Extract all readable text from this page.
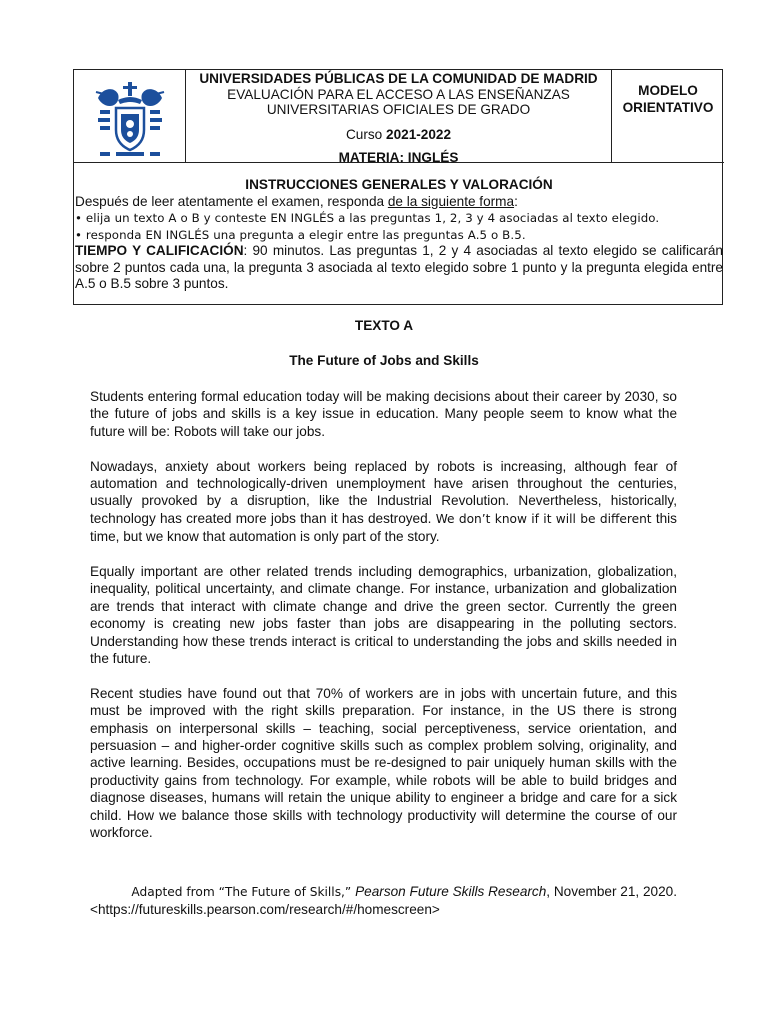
UNIVERSIDADES PÚBLICAS DE LA COMUNIDAD DE MADRID
EVALUACIÓN PARA EL ACCESO A LAS ENSEÑANZAS
UNIVERSITARIAS OFICIALES DE GRADO
Curso 2021-2022
MATERIA: INGLÉS
MODELO
ORIENTATIVO
INSTRUCCIONES GENERALES Y VALORACIÓN
Después de leer atentamente el examen, responda de la siguiente forma:
• elija un texto A o B y conteste EN INGLÉS a las preguntas 1, 2, 3 y 4 asociadas al texto elegido.
• responda EN INGLÉS una pregunta a elegir entre las preguntas A.5 o B.5.
TIEMPO Y CALIFICACIÓN: 90 minutos. Las preguntas 1, 2 y 4 asociadas al texto elegido se calificarán sobre 2 puntos cada una, la pregunta 3 asociada al texto elegido sobre 1 punto y la pregunta elegida entre A.5 o B.5 sobre 3 puntos.
TEXTO A
The Future of Jobs and Skills

Students entering formal education today will be making decisions about their career by 2030, so the future of jobs and skills is a key issue in education. Many people seem to know what the future will be: Robots will take our jobs.

Nowadays, anxiety about workers being replaced by robots is increasing, although fear of automation and technologically-driven unemployment have arisen throughout the centuries, usually provoked by a disruption, like the Industrial Revolution. Nevertheless, historically, technology has created more jobs than it has destroyed. We don’t know if it will be different this time, but we know that automation is only part of the story.

Equally important are other related trends including demographics, urbanization, globalization, inequality, political uncertainty, and climate change. For instance, urbanization and globalization are trends that interact with climate change and drive the green sector. Currently the green economy is creating new jobs faster than jobs are disappearing in the polluting sectors. Understanding how these trends interact is critical to understanding the jobs and skills needed in the future.

Recent studies have found out that 70% of workers are in jobs with uncertain future, and this must be improved with the right skills preparation. For instance, in the US there is strong emphasis on interpersonal skills – teaching, social perceptiveness, service orientation, and persuasion – and higher-order cognitive skills such as complex problem solving, originality, and active learning. Besides, occupations must be re-designed to pair uniquely human skills with the productivity gains from technology. For example, while robots will be able to build bridges and diagnose diseases, humans will retain the unique ability to engineer a bridge and care for a sick child. How we balance those skills with technology productivity will determine the course of our workforce.

Adapted from “The Future of Skills,” Pearson Future Skills Research, November 21, 2020.
<https://futureskills.pearson.com/research/#/homescreen>
